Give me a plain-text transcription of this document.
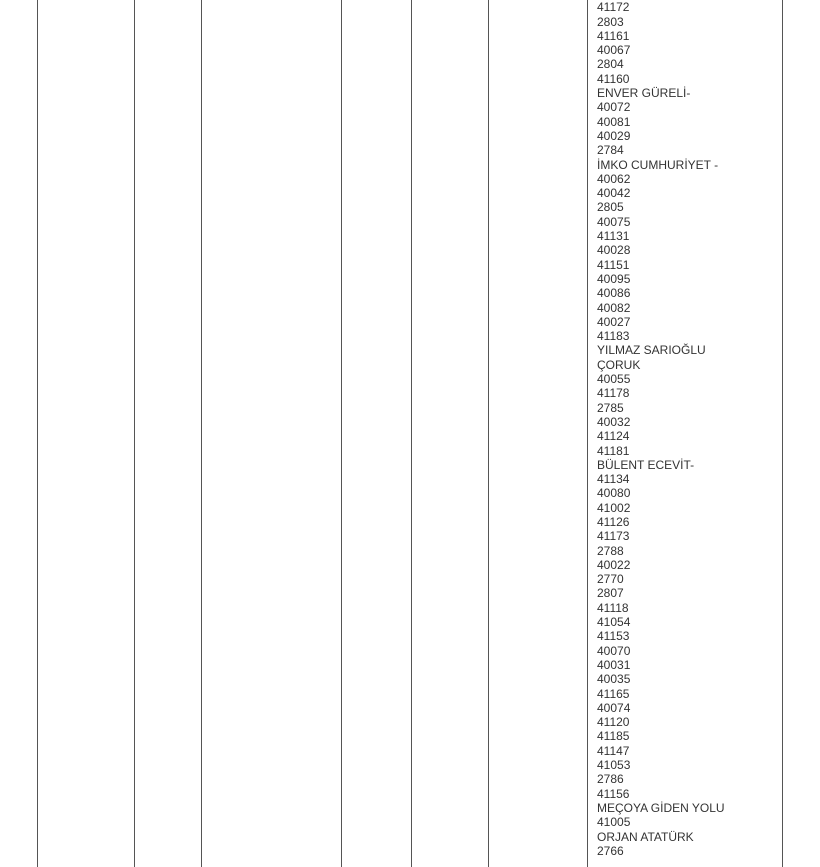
41172
2803
41161
40067
2804
41160
ENVER GÜRELİ-
40072
40081
40029
2784
İMKO CUMHURİYET -
40062
40042
2805
40075
41131
40028
41151
40095
40086
40082
40027
41183
YILMAZ SARIOĞLU
ÇORUK
40055
41178
2785
40032
41124
41181
BÜLENT ECEVİT-
41134
40080
41002
41126
41173
2788
40022
2770
2807
41118
41054
41153
40070
40031
40035
41165
40074
41120
41185
41147
41053
2786
41156
MEÇOYA GİDEN YOLU
41005
ORJAN ATATÜRK
2766
